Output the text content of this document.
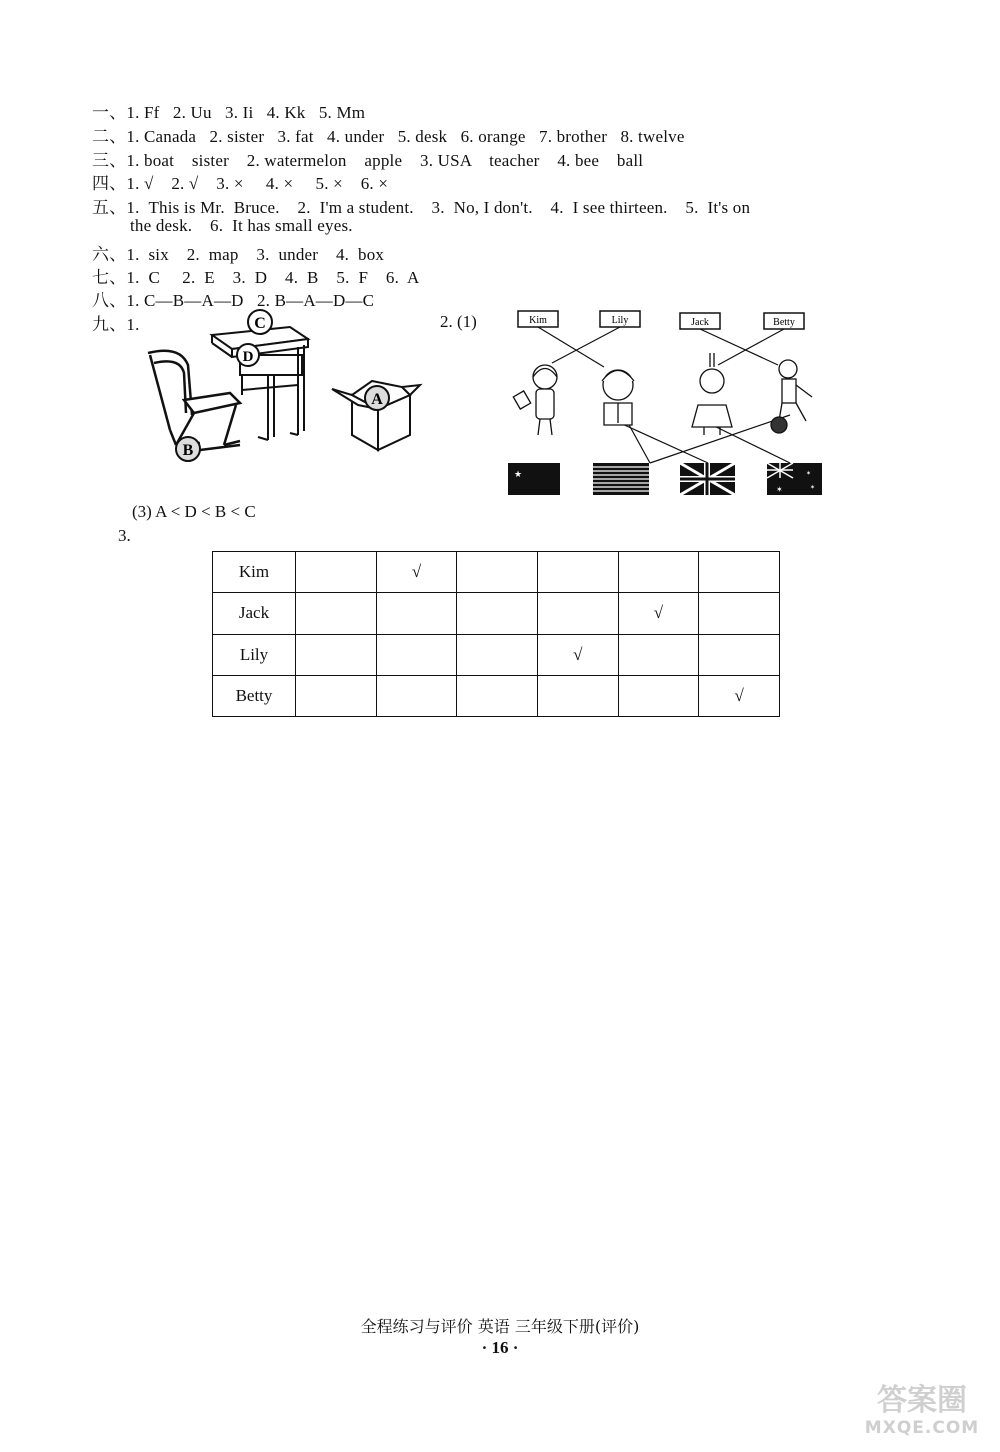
一、1. Ff   2. Uu   3. Ii   4. Kk   5. Mm
二、1. Canada   2. sister   3. fat   4. under   5. desk   6. orange   7. brother   8. twelve
三、1. boat    sister    2. watermelon    apple    3. USA    teacher    4. bee    ball
四、1. √    2. √    3. ×     4. ×     5. ×    6. ×
五、1.  This is Mr.  Bruce.    2.  I'm a student.    3.  No, I don't.    4.  I see thirteen.    5.  It's on
the desk.    6.  It has small eyes.
六、1.  six    2.  map    3.  under    4.  box
七、1.  C     2.  E    3.  D    4.  B    5.  F    6.  A
八、1. C—B—A—D   2. B—A—D—C
九、1.	2. (1)
(3) A < D < B < C
3.
C
D
A
B
Kim	Lily	Jack	Betty
★
✶
✶
✶
Kim		√				
Jack					√	
Lily				√		
Betty						√
全程练习与评价 英语 三年级下册(评价)
· 16 ·
答案圈
MXQE.COM
